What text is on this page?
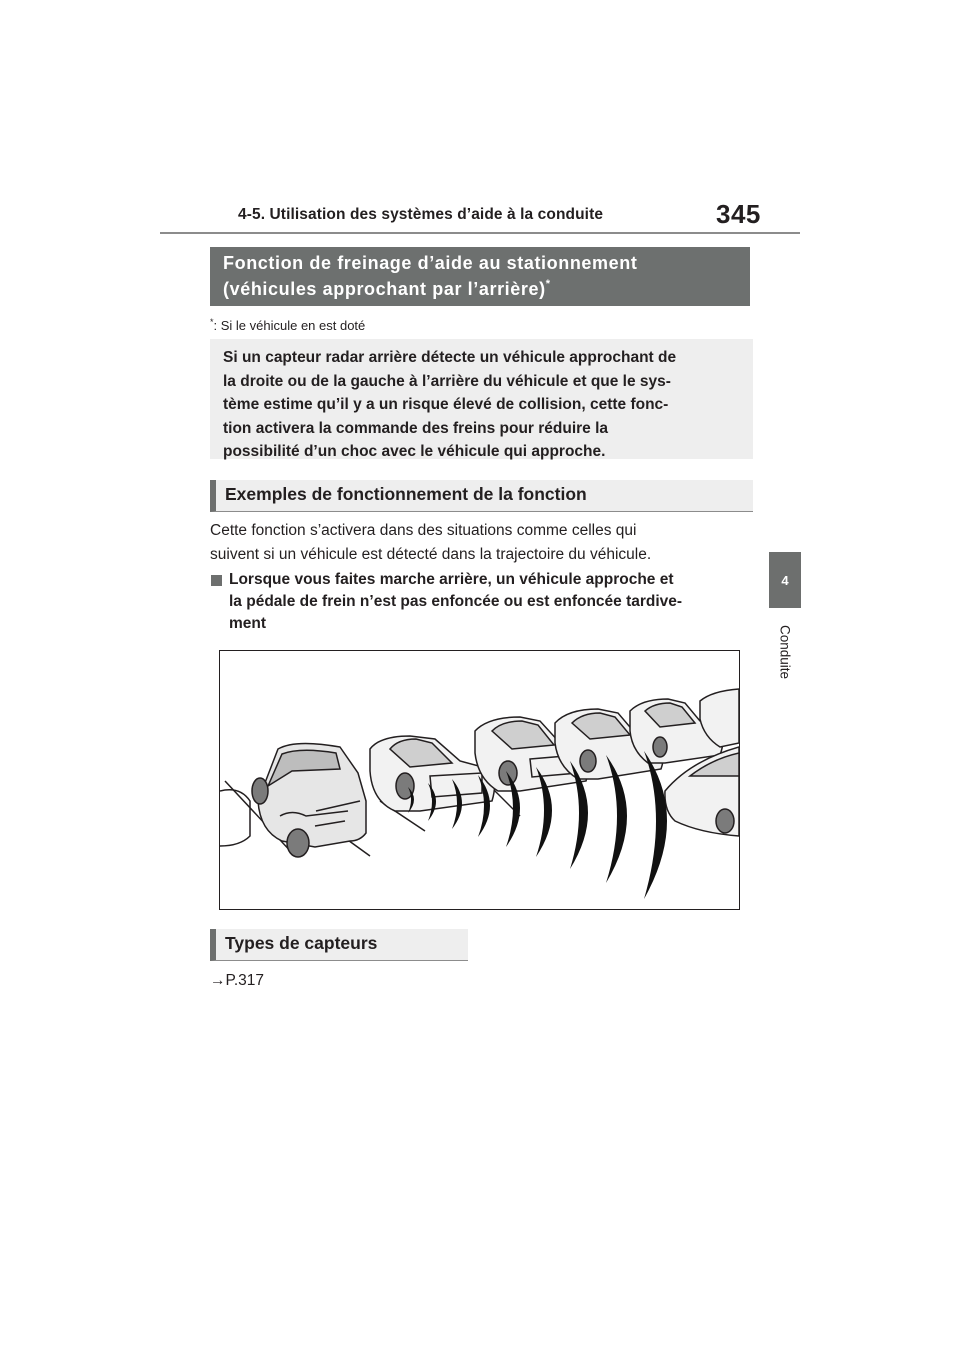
4-5. Utilisation des systèmes d’aide à la conduite	345
4
Conduite
Fonction de freinage d’aide au stationnement
(véhicules approchant par l’arrière)*
*: Si le véhicule en est doté
Si un capteur radar arrière détecte un véhicule approchant de
la droite ou de la gauche à l’arrière du véhicule et que le sys-
tème estime qu’il y a un risque élevé de collision, cette fonc-
tion activera la commande des freins pour réduire la
possibilité d’un choc avec le véhicule qui approche.
Exemples de fonctionnement de la fonction
Cette fonction s’activera dans des situations comme celles qui
suivent si un véhicule est détecté dans la trajectoire du véhicule.
Lorsque vous faites marche arrière, un véhicule approche et
la pédale de frein n’est pas enfoncée ou est enfoncée tardive-
ment
Types de capteurs
→P.317
